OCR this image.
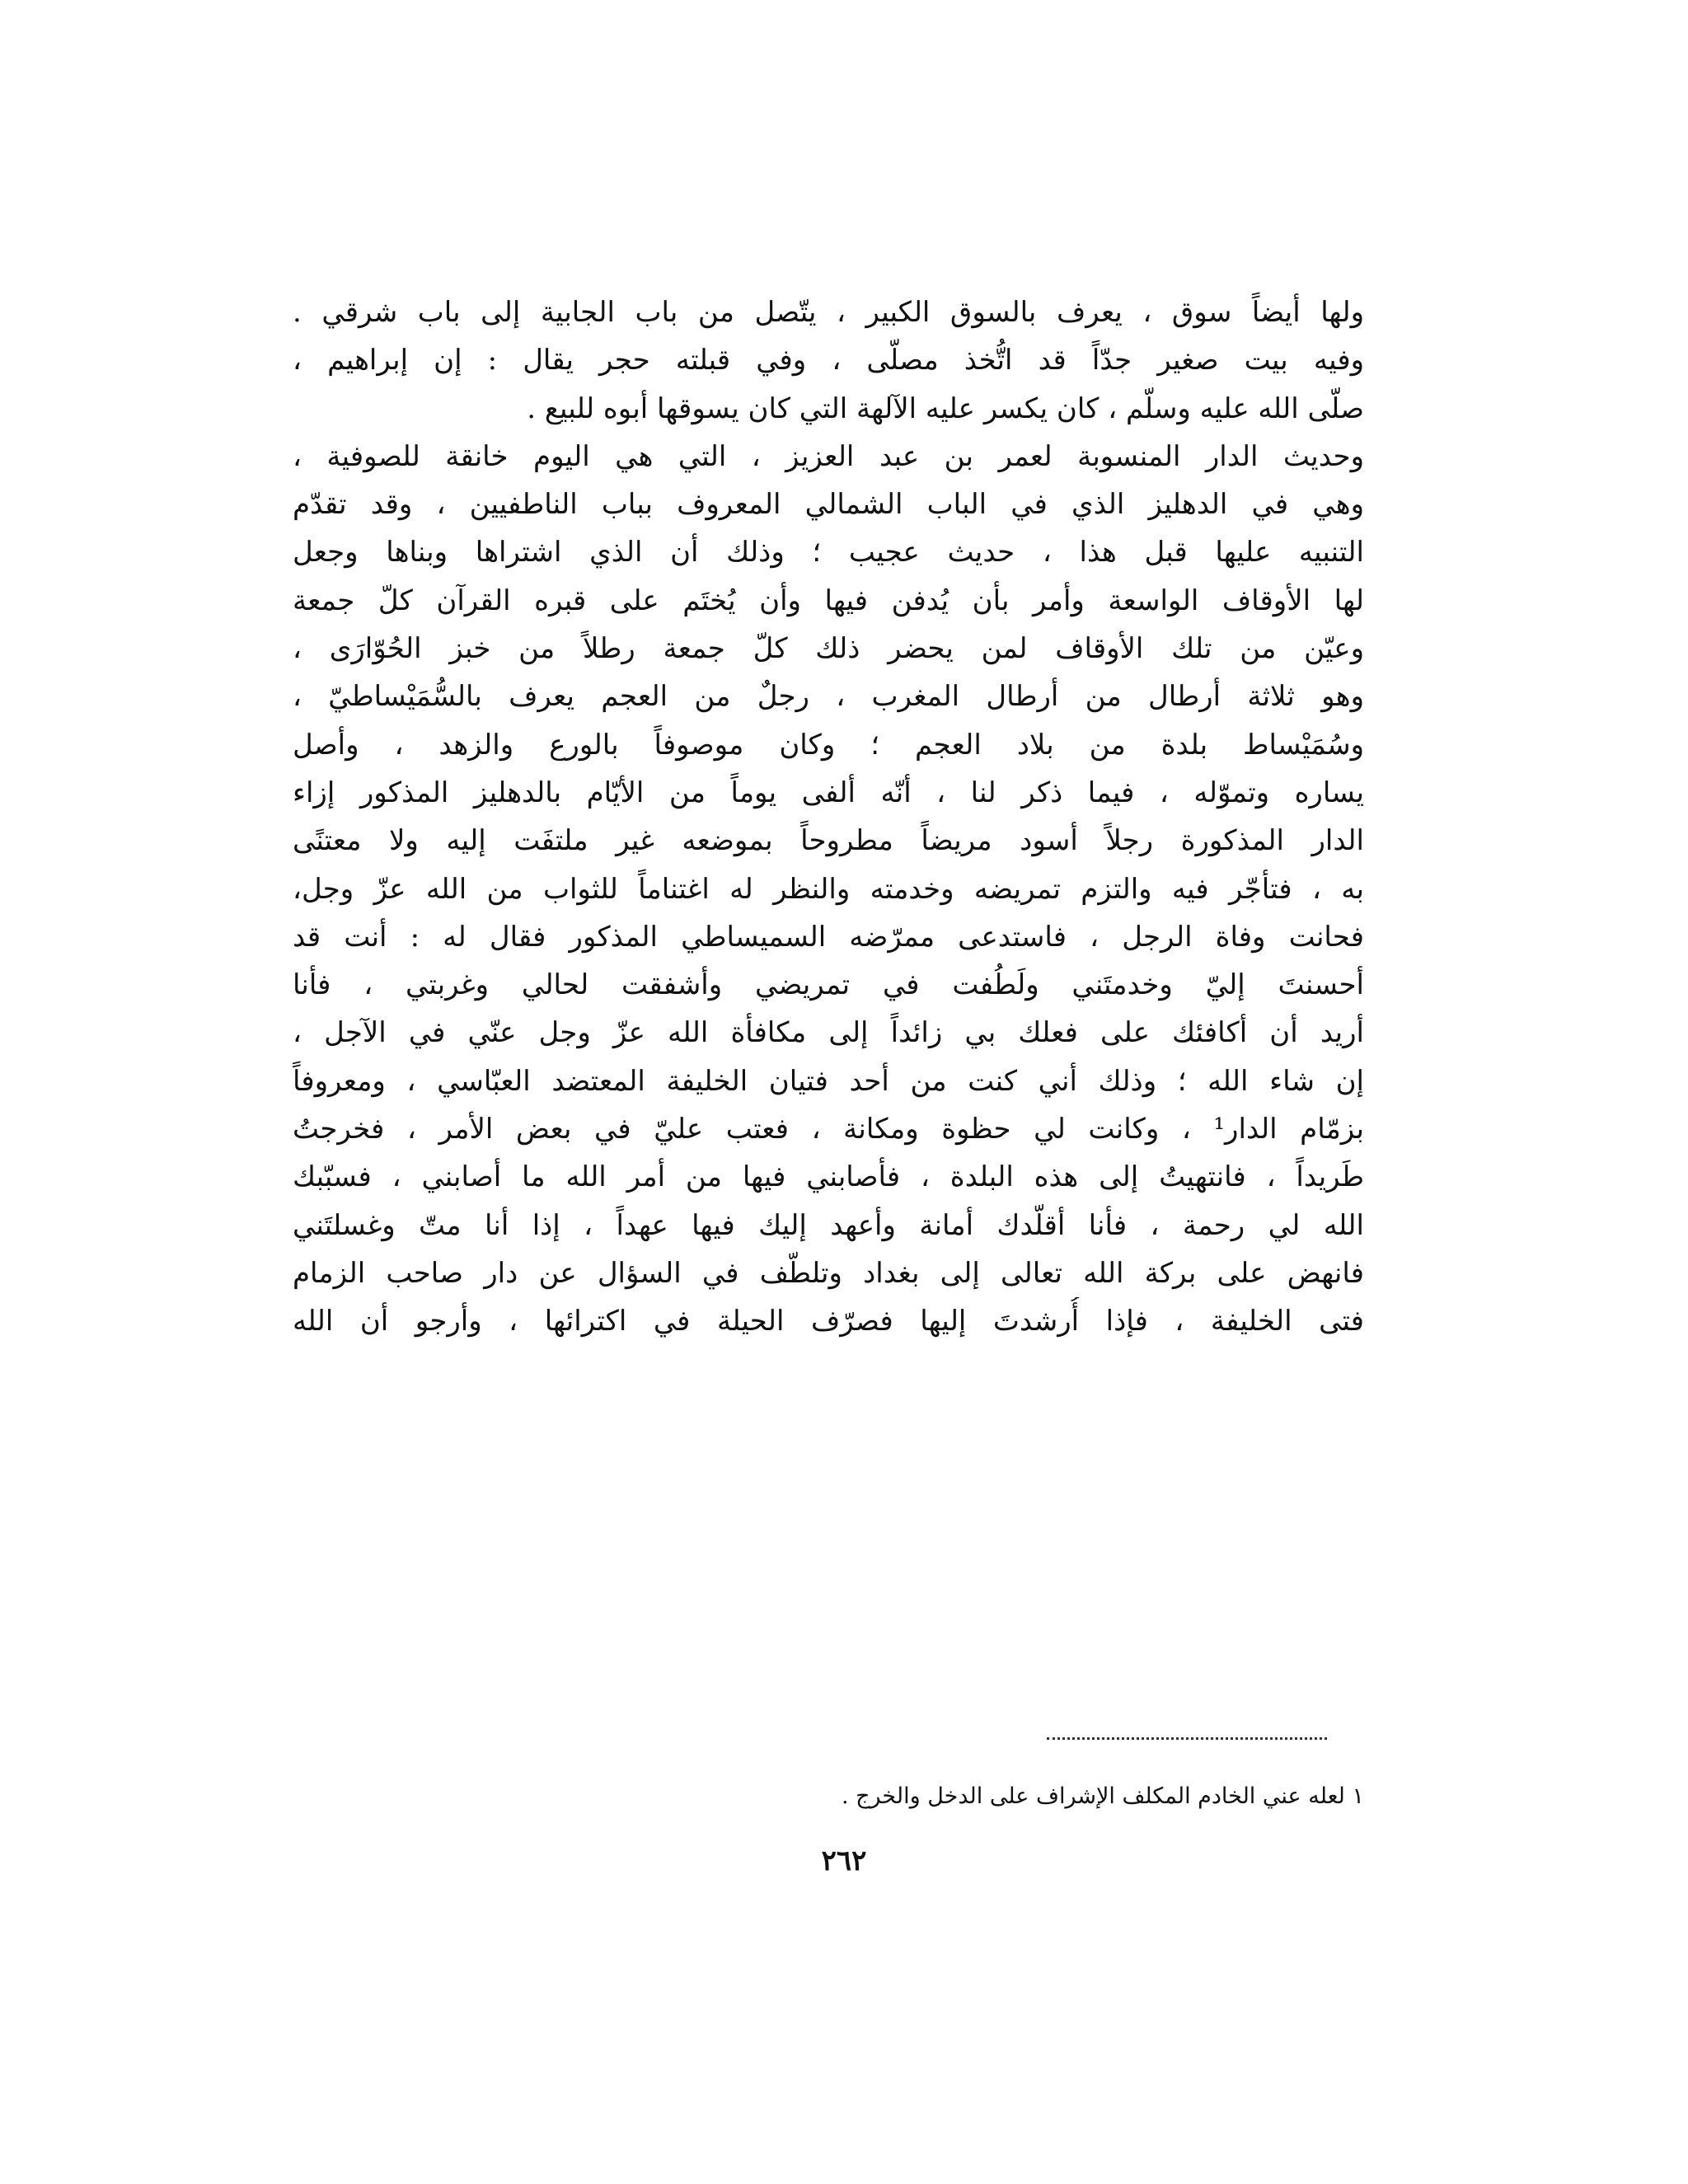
ولها أيضاً سوق ، يعرف بالسوق الكبير ، يتّصل من باب الجابية إلى باب شرقي .
وفيه بيت صغير جدّاً قد اتُّخذ مصلّى ، وفي قبلته حجر يقال : إن إبراهيم ،
صلّى الله عليه وسلّم ، كان يكسر عليه الآلهة التي كان يسوقها أبوه للبيع .
وحديث الدار المنسوبة لعمر بن عبد العزيز ، التي هي اليوم خانقة للصوفية ،
وهي في الدهليز الذي في الباب الشمالي المعروف بباب الناطفيين ، وقد تقدّم
التنبيه عليها قبل هذا ، حديث عجيب ؛ وذلك أن الذي اشتراها وبناها وجعل
لها الأوقاف الواسعة وأمر بأن يُدفن فيها وأن يُختَم على قبره القرآن كلّ جمعة
وعيّن من تلك الأوقاف لمن يحضر ذلك كلّ جمعة رطلاً من خبز الحُوّارَى ،
وهو ثلاثة أرطال من أرطال المغرب ، رجلٌ من العجم يعرف بالسُّمَيْساطيّ ،
وسُمَيْساط بلدة من بلاد العجم ؛ وكان موصوفاً بالورع والزهد ، وأصل
يساره وتموّله ، فيما ذكر لنا ، أنّه ألفى يوماً من الأيّام بالدهليز المذكور إزاء
الدار المذكورة رجلاً أسود مريضاً مطروحاً بموضعه غير ملتفَت إليه ولا معتنًى
به ، فتأجّر فيه والتزم تمريضه وخدمته والنظر له اغتناماً للثواب من الله عزّ وجل،
فحانت وفاة الرجل ، فاستدعى ممرّضه السميساطي المذكور فقال له : أنت قد
أحسنتَ إليّ وخدمتَني ولَطُفت في تمريضي وأشفقت لحالي وغربتي ، فأنا
أريد أن أكافئك على فعلك بي زائداً إلى مكافأة الله عزّ وجل عنّي في الآجل ،
إن شاء الله ؛ وذلك أني كنت من أحد فتيان الخليفة المعتضد العبّاسي ، ومعروفاً
بزمّام الدار¹ ، وكانت لي حظوة ومكانة ، فعتب عليّ في بعض الأمر ، فخرجتُ
طَريداً ، فانتهيتُ إلى هذه البلدة ، فأصابني فيها من أمر الله ما أصابني ، فسبّبك
الله لي رحمة ، فأنا أقلّدك أمانة وأعهد إليك فيها عهداً ، إذا أنا متّ وغسلتَني
فانهض على بركة الله تعالى إلى بغداد وتلطّف في السؤال عن دار صاحب الزمام
فتى الخليفة ، فإذا أُرشدتَ إليها فصرّف الحيلة في اكترائها ، وأرجو أن الله
١ لعله عني الخادم المكلف الإشراف على الدخل والخرج .
٢٦٢
